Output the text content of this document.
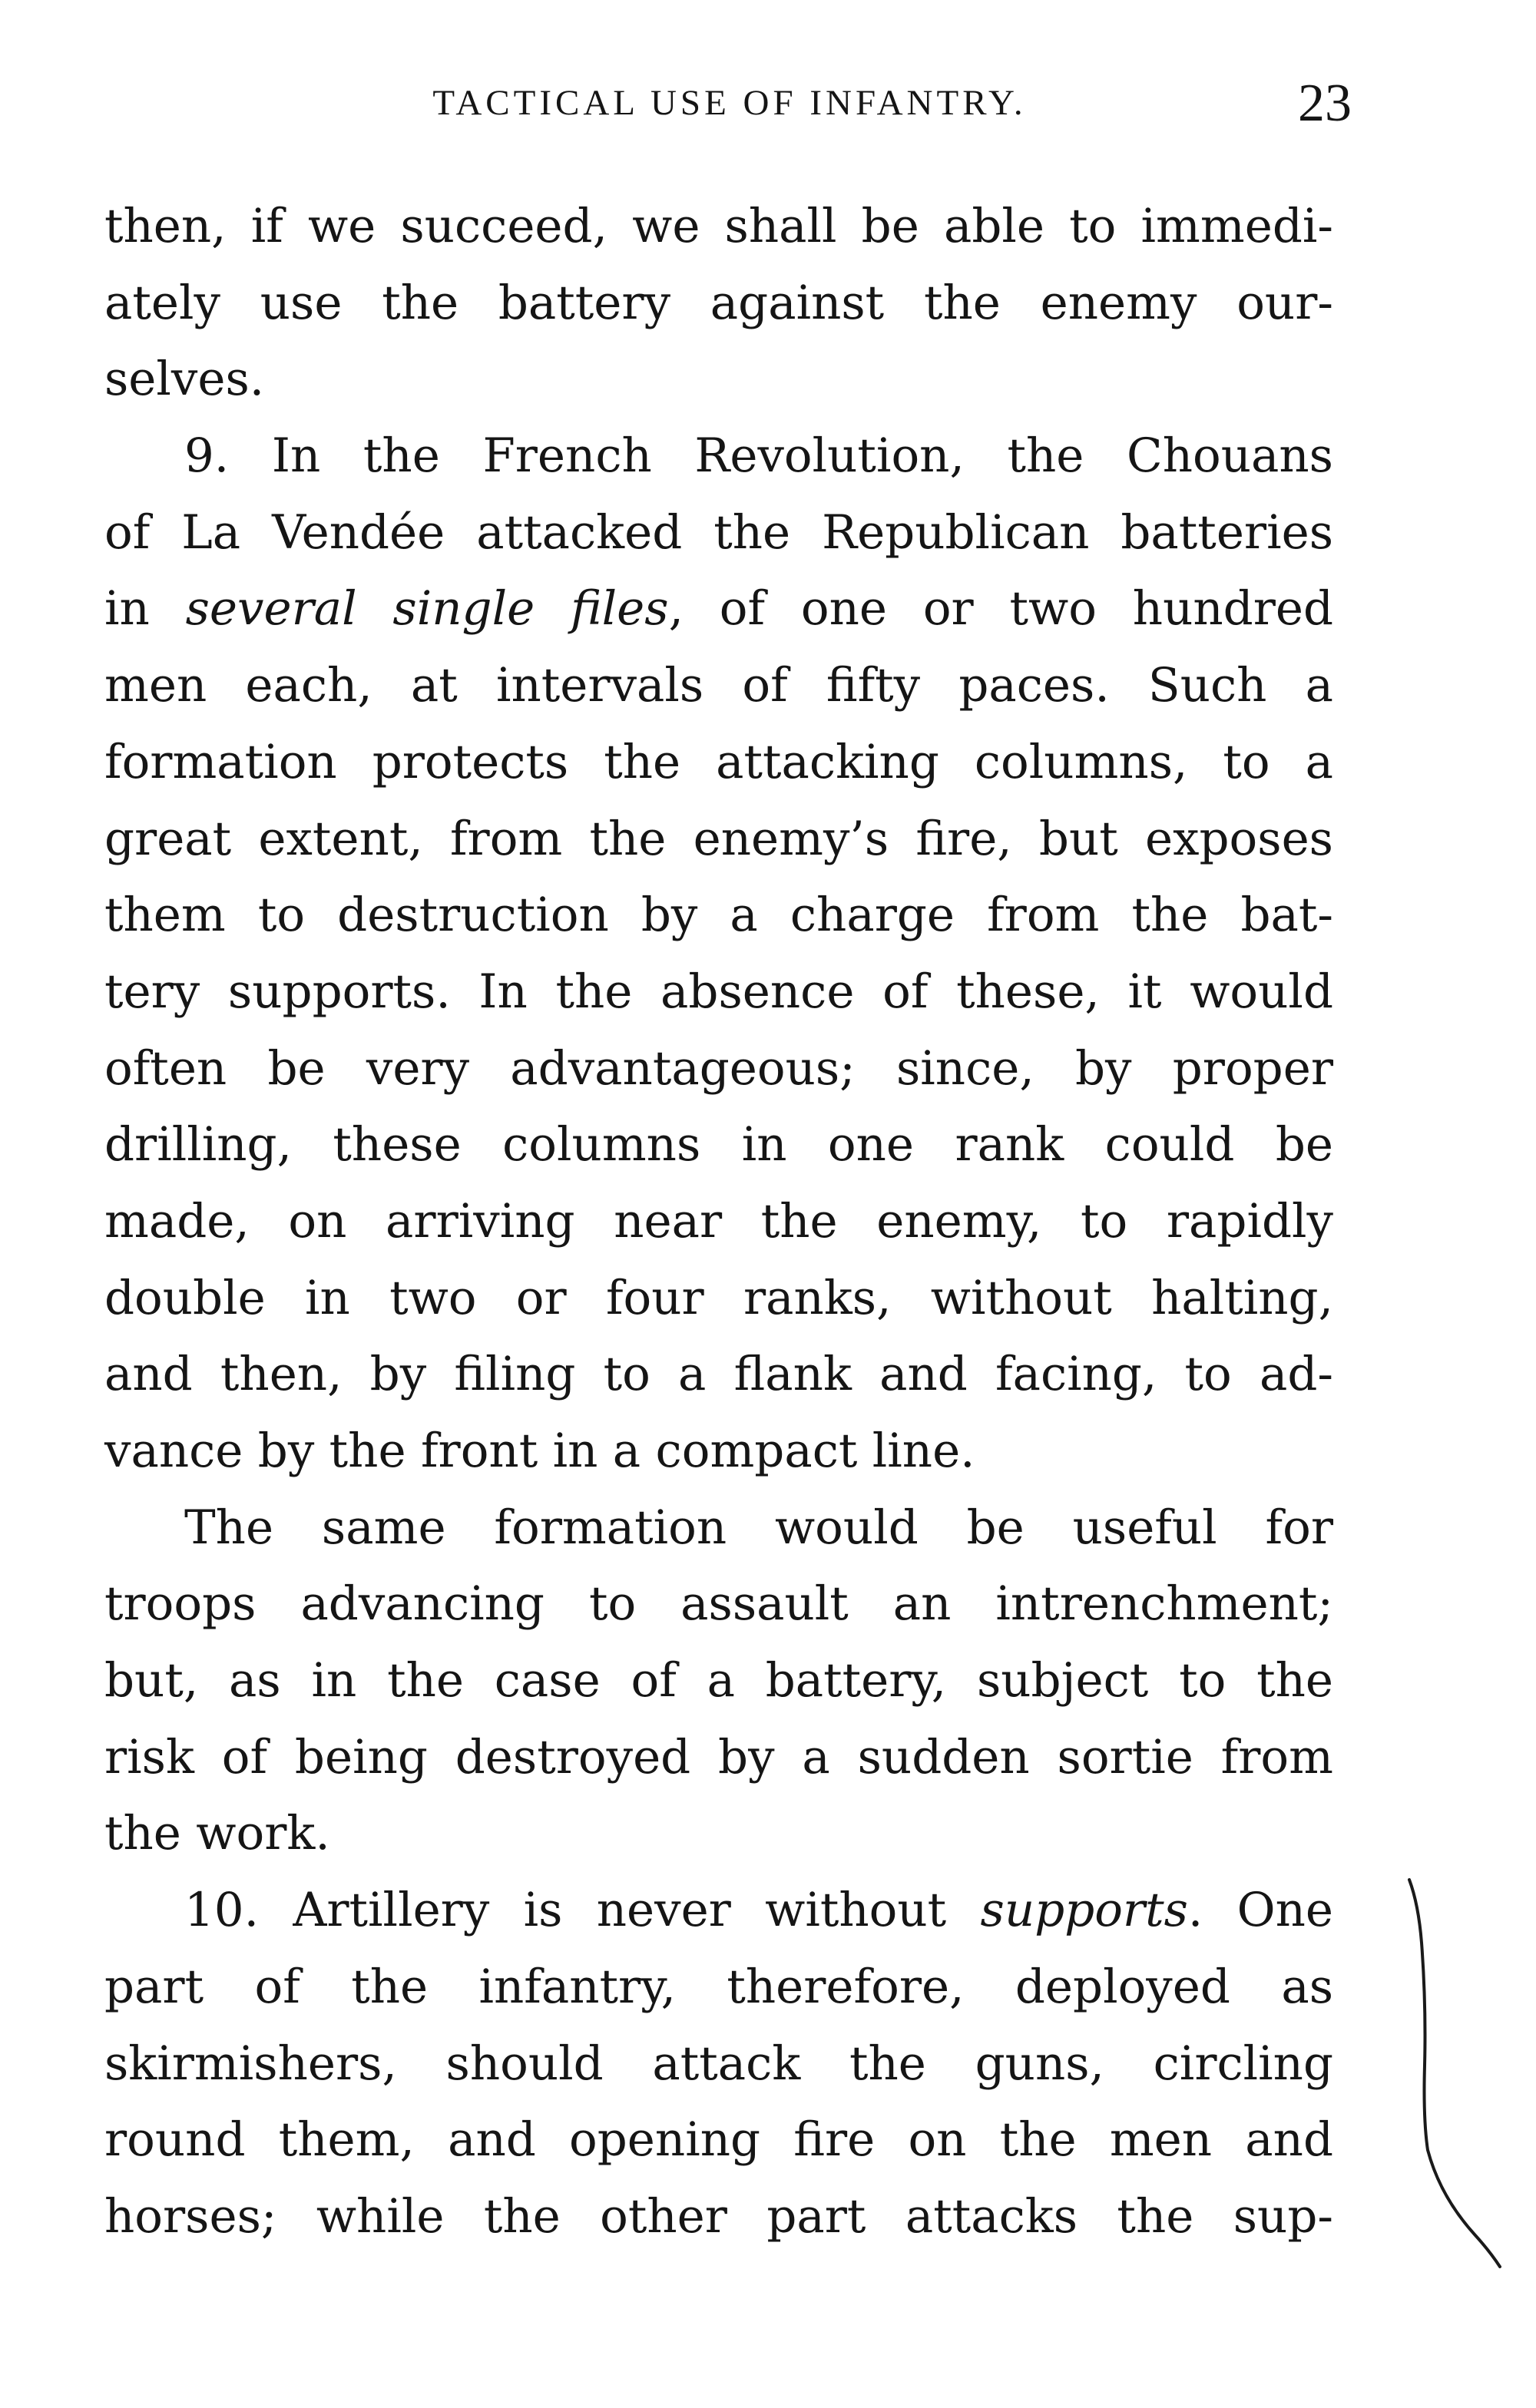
TACTICAL USE OF INFANTRY.	23
then, if we succeed, we shall be able to immedi-
ately use the battery against the enemy our-
selves.
9. In the French Revolution, the Chouans
of La Vendée attacked the Republican batteries
in several single files, of one or two hundred
men each, at intervals of fifty paces. Such a
formation protects the attacking columns, to a
great extent, from the enemy’s fire, but exposes
them to destruction by a charge from the bat-
tery supports. In the absence of these, it would
often be very advantageous; since, by proper
drilling, these columns in one rank could be
made, on arriving near the enemy, to rapidly
double in two or four ranks, without halting,
and then, by filing to a flank and facing, to ad-
vance by the front in a compact line.
The same formation would be useful for
troops advancing to assault an intrenchment;
but, as in the case of a battery, subject to the
risk of being destroyed by a sudden sortie from
the work.
10. Artillery is never without supports. One
part of the infantry, therefore, deployed as
skirmishers, should attack the guns, circling
round them, and opening fire on the men and
horses; while the other part attacks the sup-
